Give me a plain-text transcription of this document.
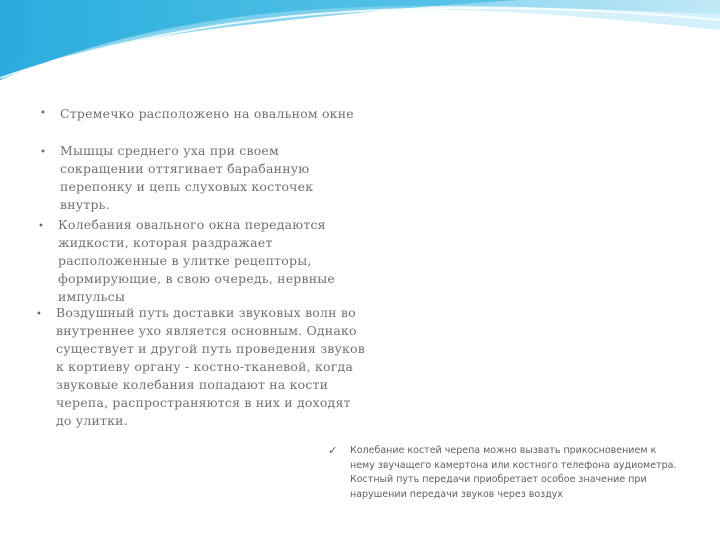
•	Стремечко расположено на овальном окне
•	Мышцы среднего уха при своем сокращении оттягивает барабанную перепонку и цепь слуховых косточек внутрь.
•	Колебания овального окна передаются жидкости, которая раздражает расположенные в улитке рецепторы, формирующие, в свою очередь, нервные импульсы
•	Воздушный путь доставки звуковых волн во внутреннее ухо является основным. Однако существует и другой путь проведения звуков к кортиеву органу - костно-тканевой, когда звуковые колебания попадают на кости черепа, распространяются в них и доходят до улитки.
✓	Колебание костей черепа можно вызвать прикосновением к нему звучащего камертона или костного телефона аудиометра. Костный путь передачи приобретает особое значение при нарушении передачи звуков через воздух
